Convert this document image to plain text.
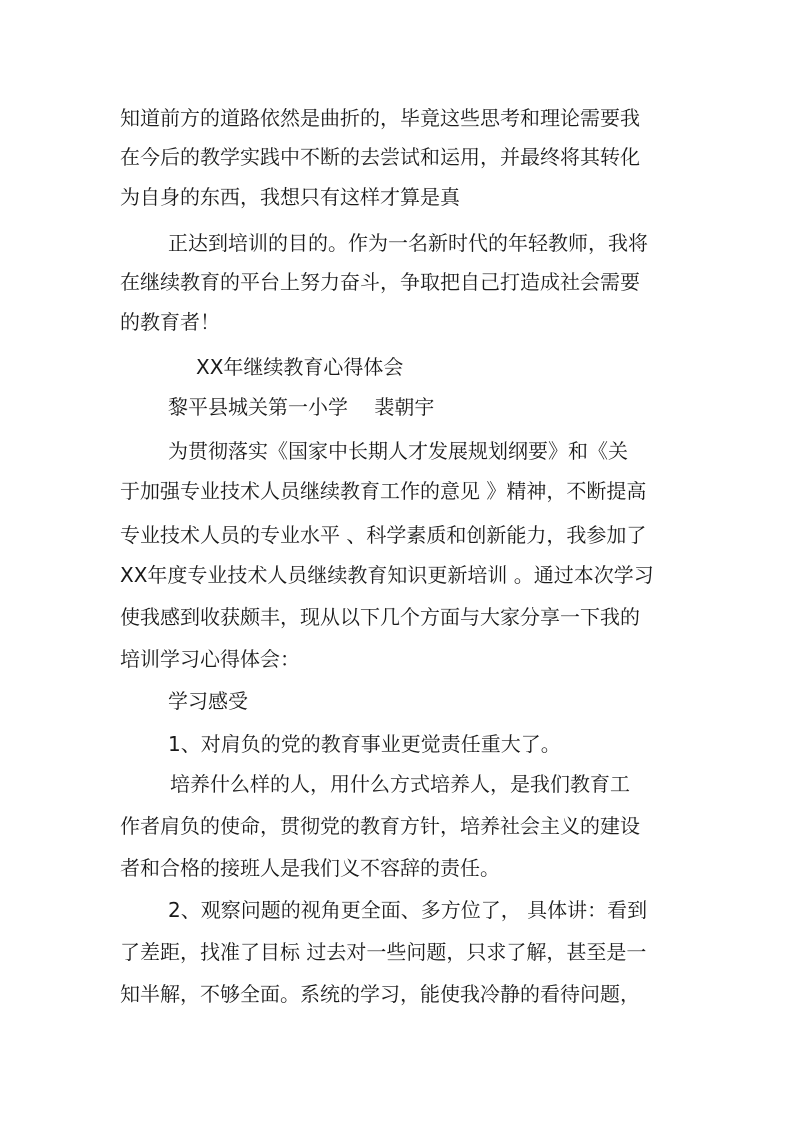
知道前方的道路依然是曲折的，毕竟这些思考和理论需要我

在今后的教学实践中不断的去尝试和运用，并最终将其转化

为自身的东西，我想只有这样才算是真

正达到培训的目的。作为一名新时代的年轻教师，我将

在继续教育的平台上努力奋斗，争取把自己打造成社会需要

的教育者！

XX年继续教育心得体会

黎平县城关第一小学　 裴朝宇

为贯彻落实《国家中长期人才发展规划纲要》和《关

于加强专业技术人员继续教育工作的意见 》精神，不断提高

专业技术人员的专业水平 、科学素质和创新能力，我参加了

XX年度专业技术人员继续教育知识更新培训 。通过本次学习

使我感到收获颇丰，现从以下几个方面与大家分享一下我的

培训学习心得体会：

学习感受

1、对肩负的党的教育事业更觉责任重大了。

培养什么样的人，用什么方式培养人，是我们教育工

作者肩负的使命，贯彻党的教育方针，培养社会主义的建设

者和合格的接班人是我们义不容辞的责任。

2、观察问题的视角更全面、多方位了， 具体讲：看到

了差距，找准了目标 过去对一些问题，只求了解，甚至是一

知半解，不够全面。系统的学习，能使我冷静的看待问题，
